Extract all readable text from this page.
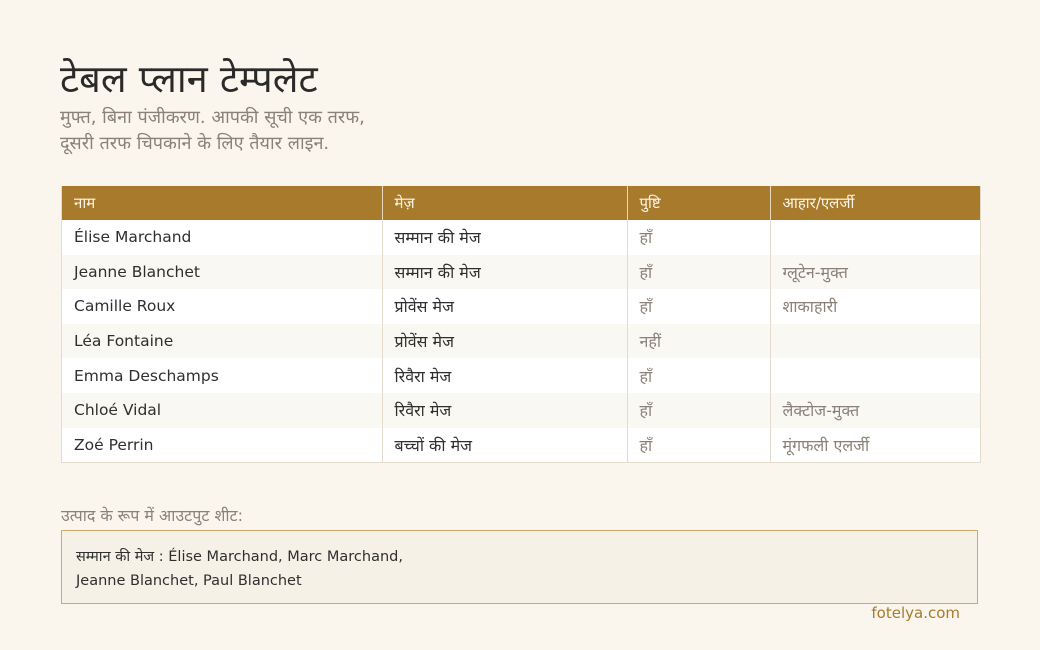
टेबल प्लान टेम्पलेट
मुफ्त, बिना पंजीकरण. आपकी सूची एक तरफ,
दूसरी तरफ चिपकाने के लिए तैयार लाइन.
नाम	मेज़	पुष्टि	आहार/एलर्जी
Élise Marchand	सम्मान की मेज	हाँ	
Jeanne Blanchet	सम्मान की मेज	हाँ	ग्लूटेन-मुक्त
Camille Roux	प्रोवेंस मेज	हाँ	शाकाहारी
Léa Fontaine	प्रोवेंस मेज	नहीं	
Emma Deschamps	रिवैरा मेज	हाँ	
Chloé Vidal	रिवैरा मेज	हाँ	लैक्टोज-मुक्त
Zoé Perrin	बच्चों की मेज	हाँ	मूंगफली एलर्जी
उत्पाद के रूप में आउटपुट शीट:
सम्मान की मेज : Élise Marchand, Marc Marchand,
Jeanne Blanchet, Paul Blanchet
fotelya.com
